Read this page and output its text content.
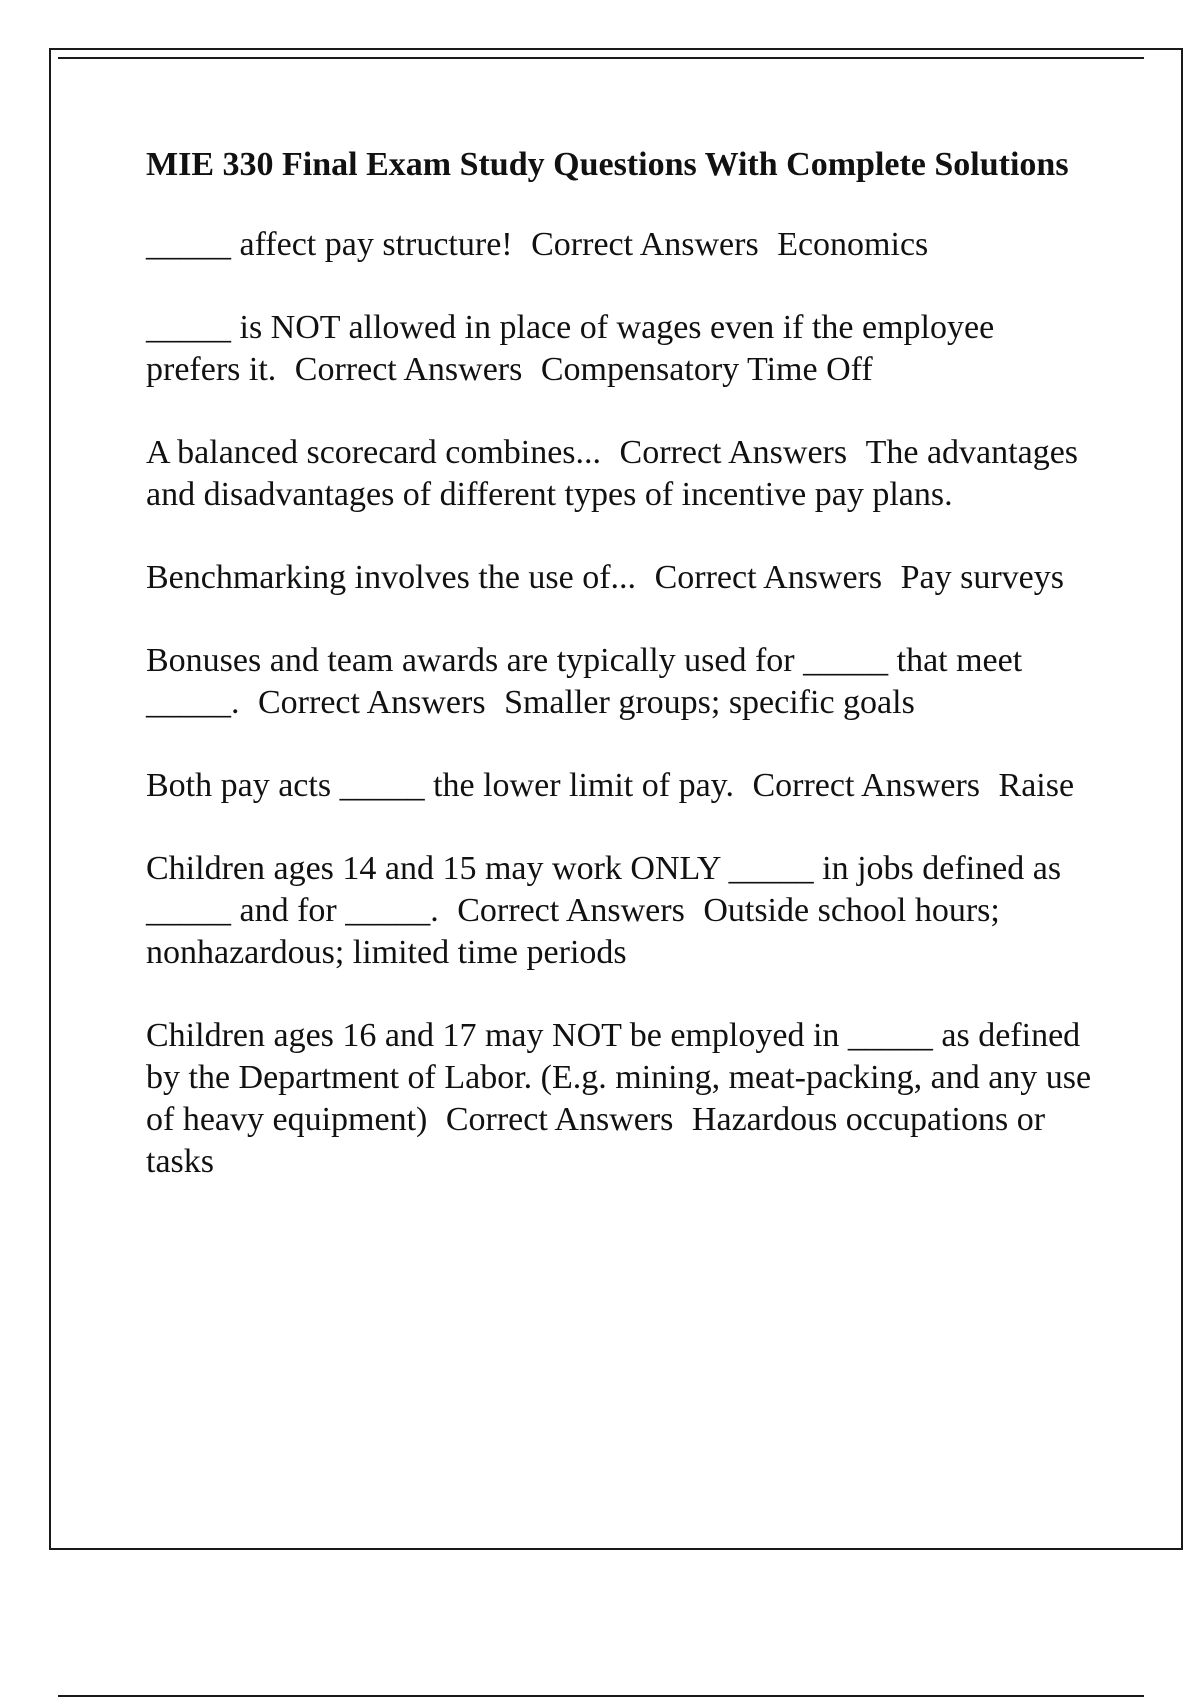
MIE 330 Final Exam Study Questions With Complete Solutions
_____ affect pay structure! Correct Answers Economics
_____ is NOT allowed in place of wages even if the employee prefers it. Correct Answers Compensatory Time Off
A balanced scorecard combines... Correct Answers The advantages and disadvantages of different types of incentive pay plans.
Benchmarking involves the use of... Correct Answers Pay surveys
Bonuses and team awards are typically used for _____ that meet _____. Correct Answers Smaller groups; specific goals
Both pay acts _____ the lower limit of pay. Correct Answers Raise
Children ages 14 and 15 may work ONLY _____ in jobs defined as _____ and for _____. Correct Answers Outside school hours; nonhazardous; limited time periods
Children ages 16 and 17 may NOT be employed in _____ as defined by the Department of Labor. (E.g. mining, meat-packing, and any use of heavy equipment) Correct Answers Hazardous occupations or tasks
